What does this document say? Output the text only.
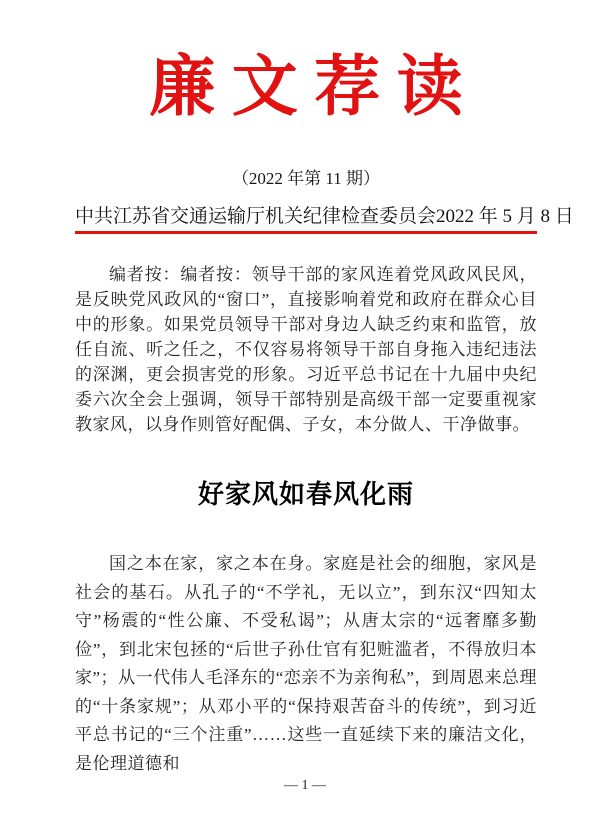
廉 文 荐 读
（2022 年第 11 期）
中共江苏省交通运输厅机关纪律检查委员会 2022 年 5 月 8 日

编者按：编者按：领导干部的家风连着党风政风民风，是反映党风政风的“窗口”，直接影响着党和政府在群众心目中的形象。如果党员领导干部对身边人缺乏约束和监管，放任自流、听之任之，不仅容易将领导干部自身拖入违纪违法的深渊，更会损害党的形象。习近平总书记在十九届中央纪委六次全会上强调，领导干部特别是高级干部一定要重视家教家风，以身作则管好配偶、子女，本分做人、干净做事。

好家风如春风化雨

国之本在家，家之本在身。家庭是社会的细胞，家风是社会的基石。从孔子的“不学礼，无以立”，到东汉“四知太守”杨震的“性公廉、不受私谒”；从唐太宗的“远奢靡多勤俭”，到北宋包拯的“后世子孙仕官有犯赃滥者，不得放归本家”；从一代伟人毛泽东的“恋亲不为亲徇私”，到周恩来总理的“十条家规”；从邓小平的“保持艰苦奋斗的传统”，到习近平总书记的“三个注重”……这些一直延续下来的廉洁文化，是伦理道德和

— 1 —
